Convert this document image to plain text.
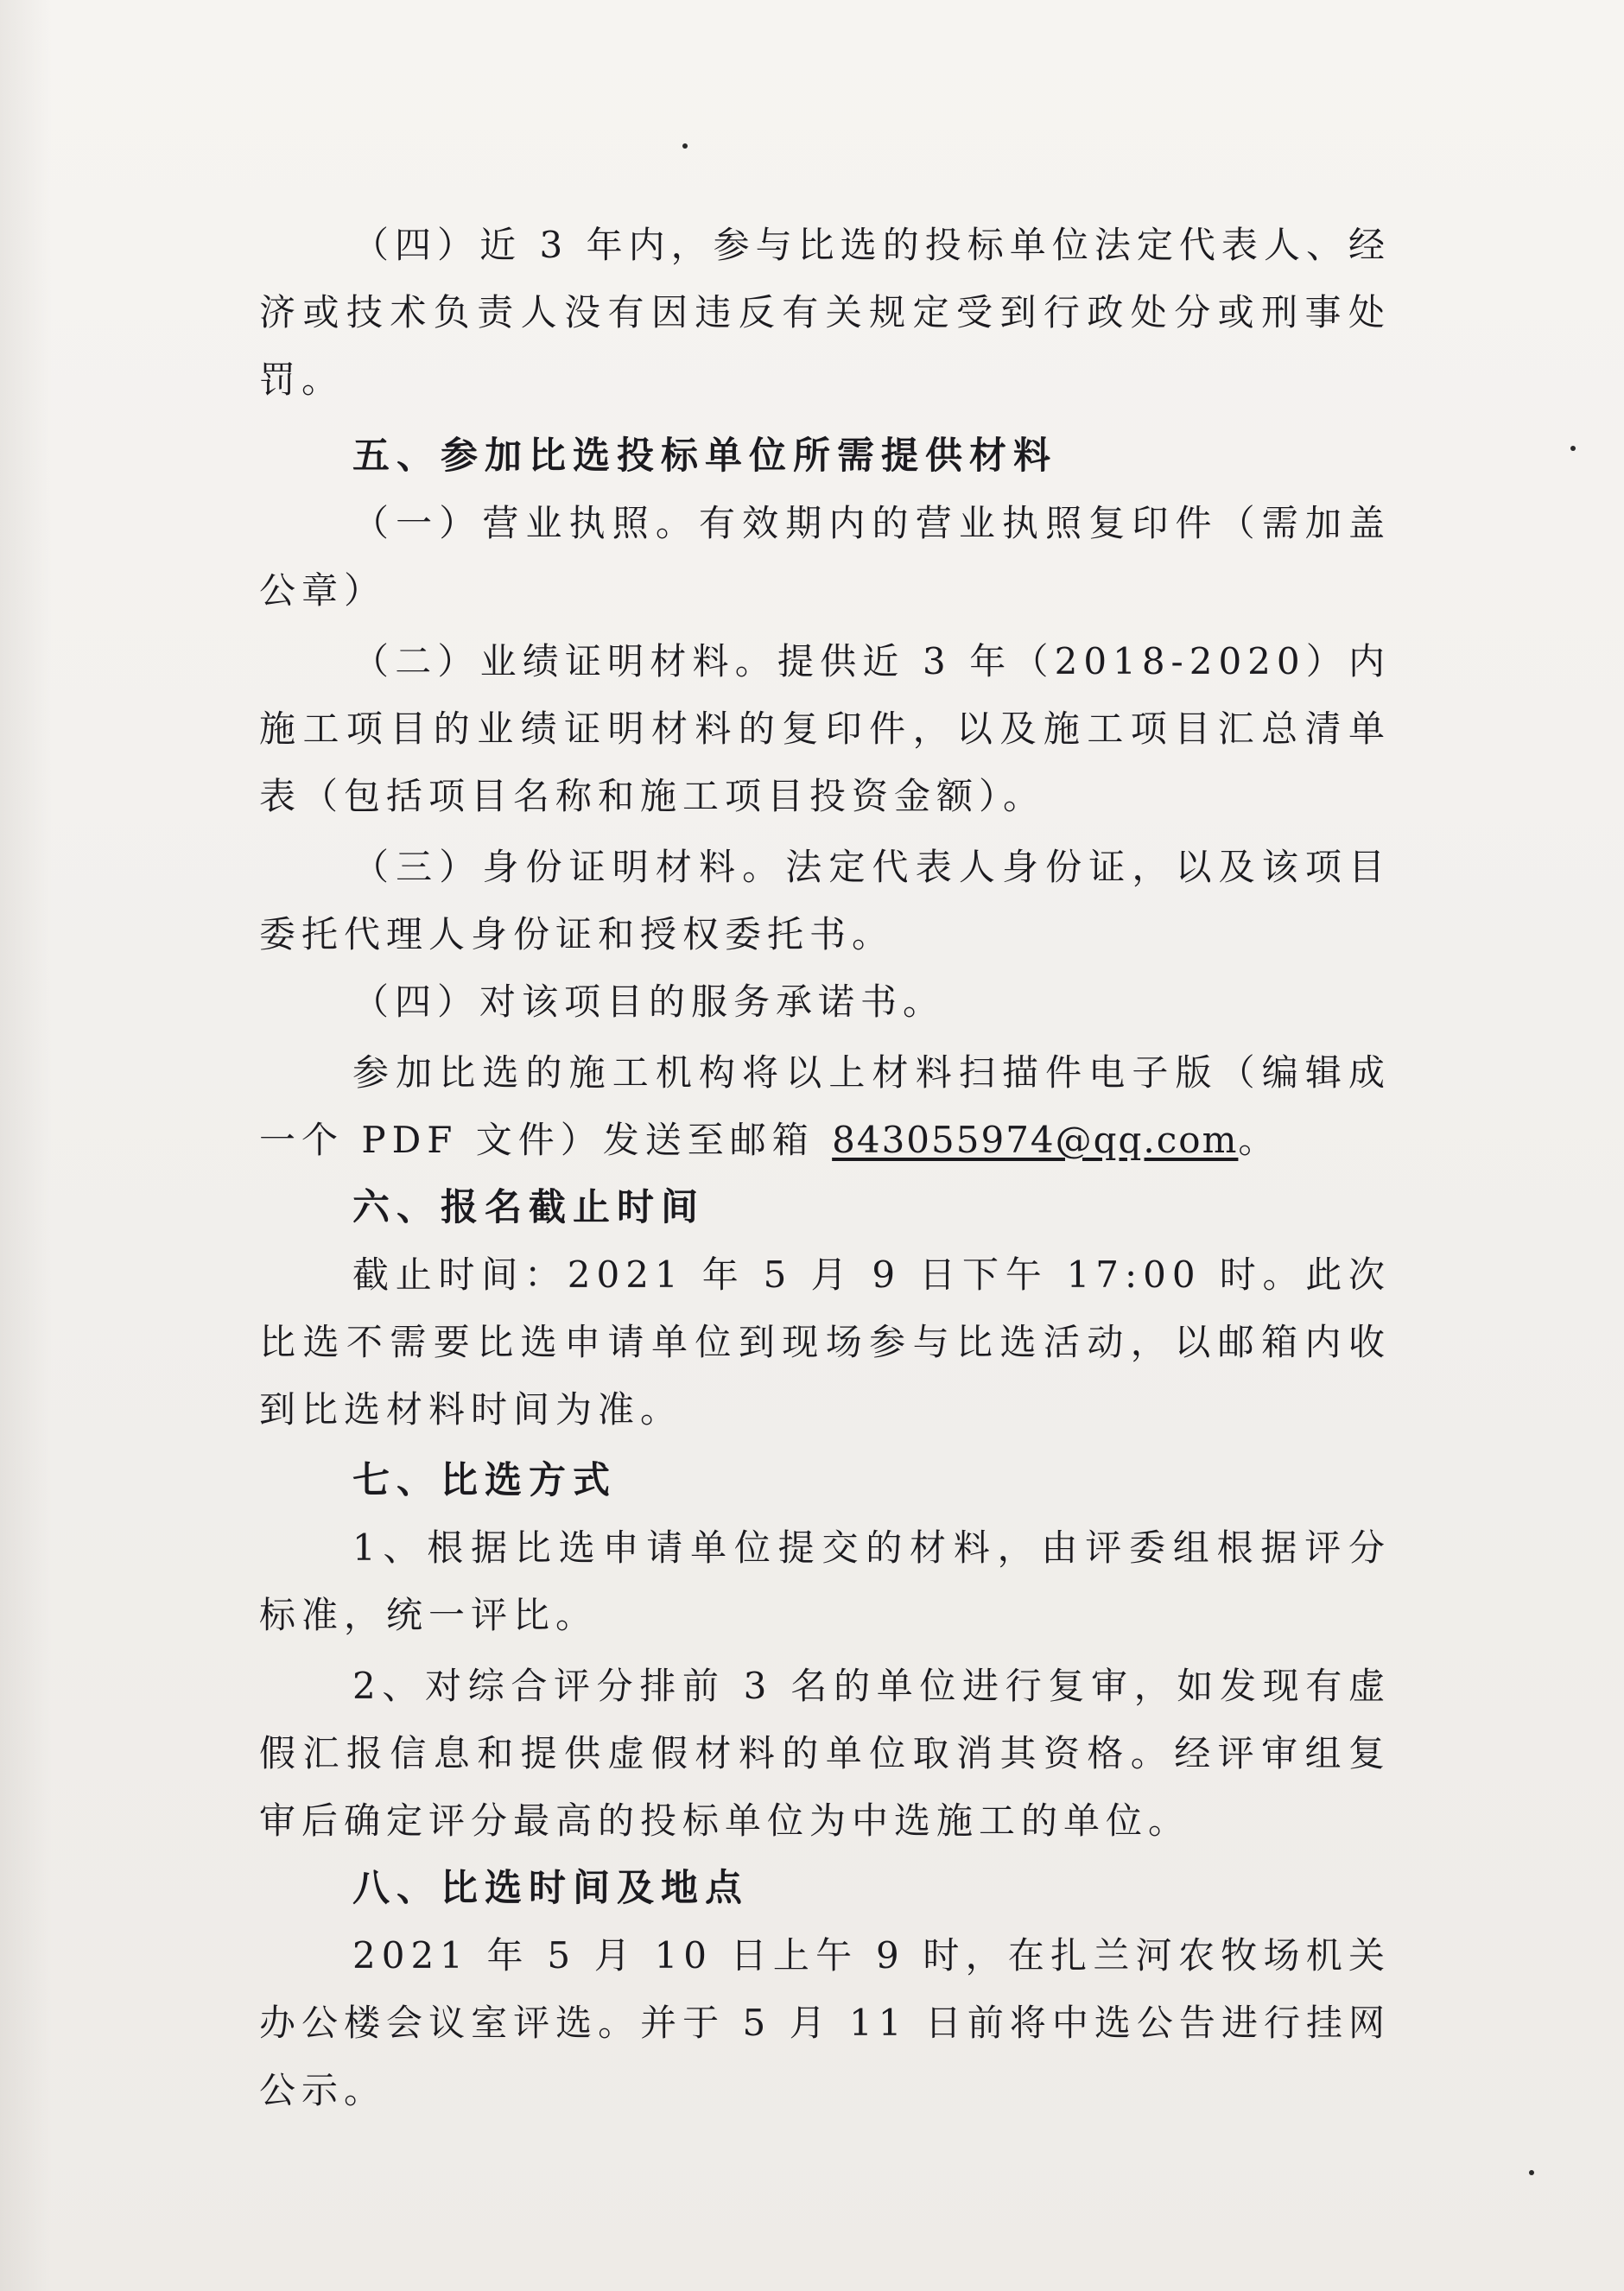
（四）近 3 年内，参与比选的投标单位法定代表人、经济或技术负责人没有因违反有关规定受到行政处分或刑事处罚。

五、参加比选投标单位所需提供材料

（一）营业执照。有效期内的营业执照复印件（需加盖公章）

（二）业绩证明材料。提供近 3 年（2018-2020）内施工项目的业绩证明材料的复印件，以及施工项目汇总清单表（包括项目名称和施工项目投资金额）。

（三）身份证明材料。法定代表人身份证，以及该项目委托代理人身份证和授权委托书。

（四）对该项目的服务承诺书。

参加比选的施工机构将以上材料扫描件电子版（编辑成一个 PDF 文件）发送至邮箱 843055974@qq.com。

六、报名截止时间

截止时间：2021 年 5 月 9 日下午 17:00 时。此次比选不需要比选申请单位到现场参与比选活动，以邮箱内收到比选材料时间为准。

七、比选方式

1、根据比选申请单位提交的材料，由评委组根据评分标准，统一评比。

2、对综合评分排前 3 名的单位进行复审，如发现有虚假汇报信息和提供虚假材料的单位取消其资格。经评审组复审后确定评分最高的投标单位为中选施工的单位。

八、比选时间及地点

2021 年 5 月 10 日上午 9 时，在扎兰河农牧场机关办公楼会议室评选。并于 5 月 11 日前将中选公告进行挂网公示。
